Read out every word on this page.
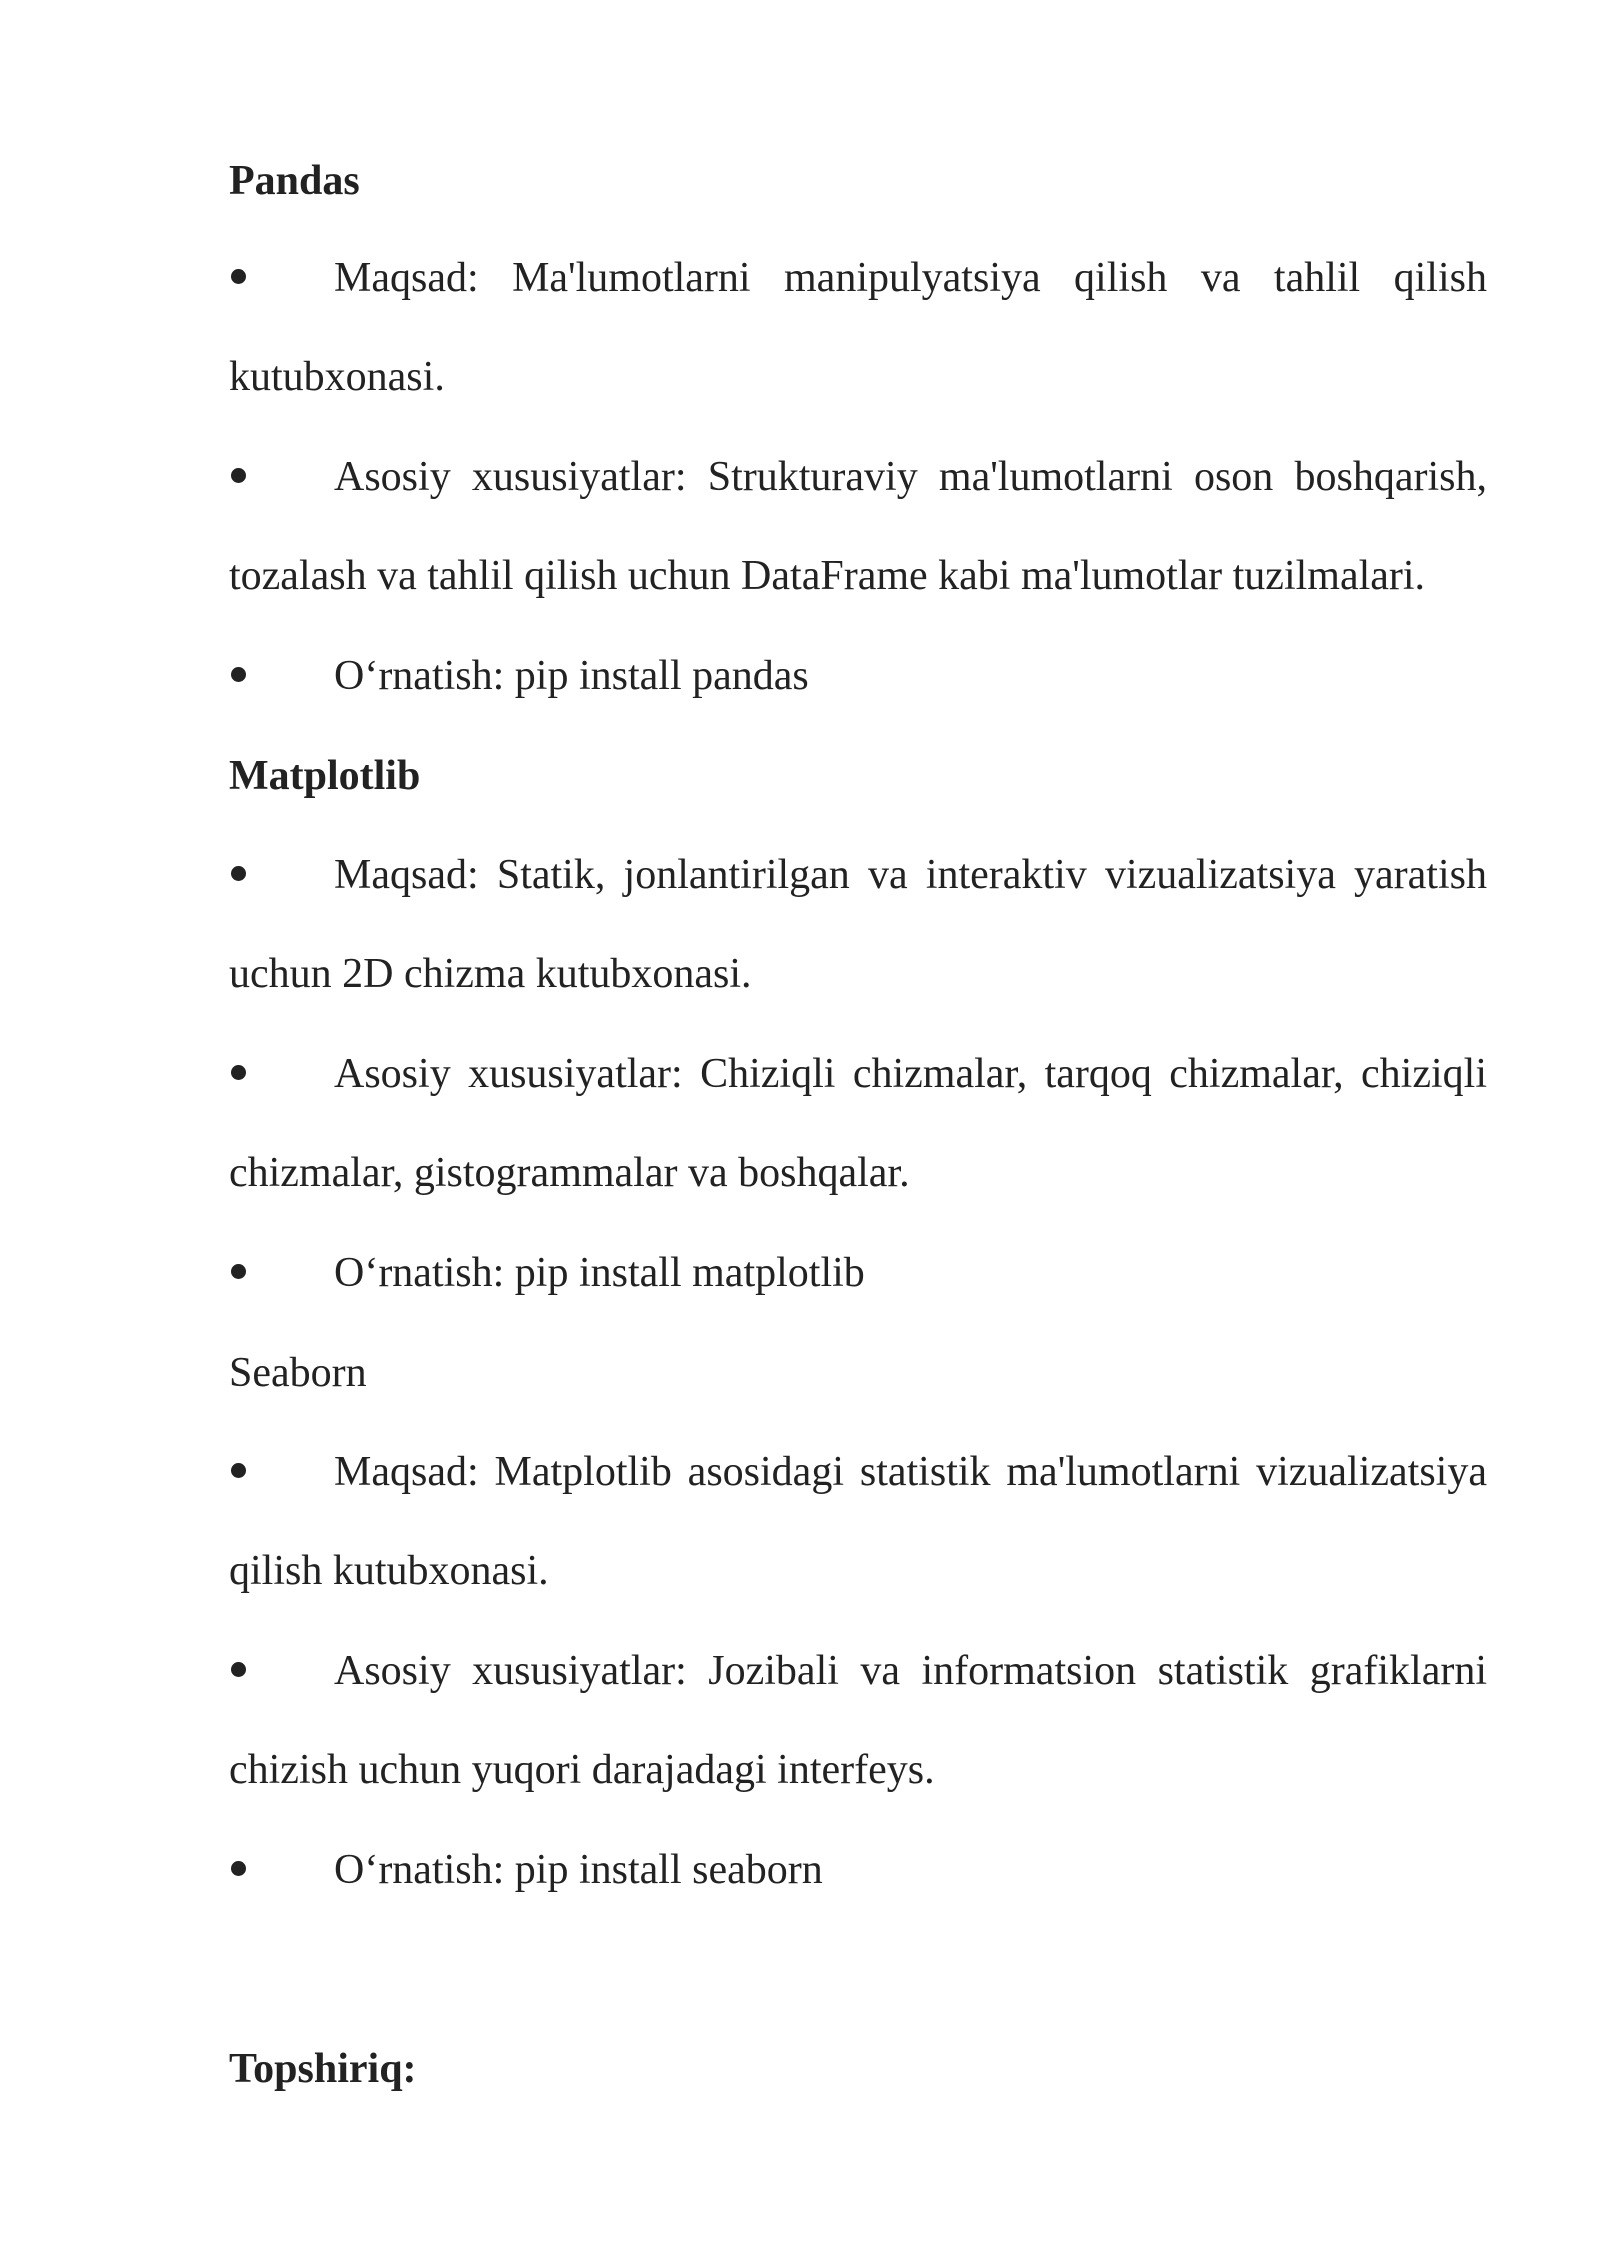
Pandas
Maqsad: Ma'lumotlarni manipulyatsiya qilish va tahlil qilish
kutubxonasi.
Asosiy xususiyatlar: Strukturaviy ma'lumotlarni oson boshqarish,
tozalash va tahlil qilish uchun DataFrame kabi ma'lumotlar tuzilmalari.
Oʻrnatish: pip install pandas
Matplotlib
Maqsad: Statik, jonlantirilgan va interaktiv vizualizatsiya yaratish
uchun 2D chizma kutubxonasi.
Asosiy xususiyatlar: Chiziqli chizmalar, tarqoq chizmalar, chiziqli
chizmalar, gistogrammalar va boshqalar.
Oʻrnatish: pip install matplotlib
Seaborn
Maqsad: Matplotlib asosidagi statistik ma'lumotlarni vizualizatsiya
qilish kutubxonasi.
Asosiy xususiyatlar: Jozibali va informatsion statistik grafiklarni
chizish uchun yuqori darajadagi interfeys.
Oʻrnatish: pip install seaborn
Topshiriq:
